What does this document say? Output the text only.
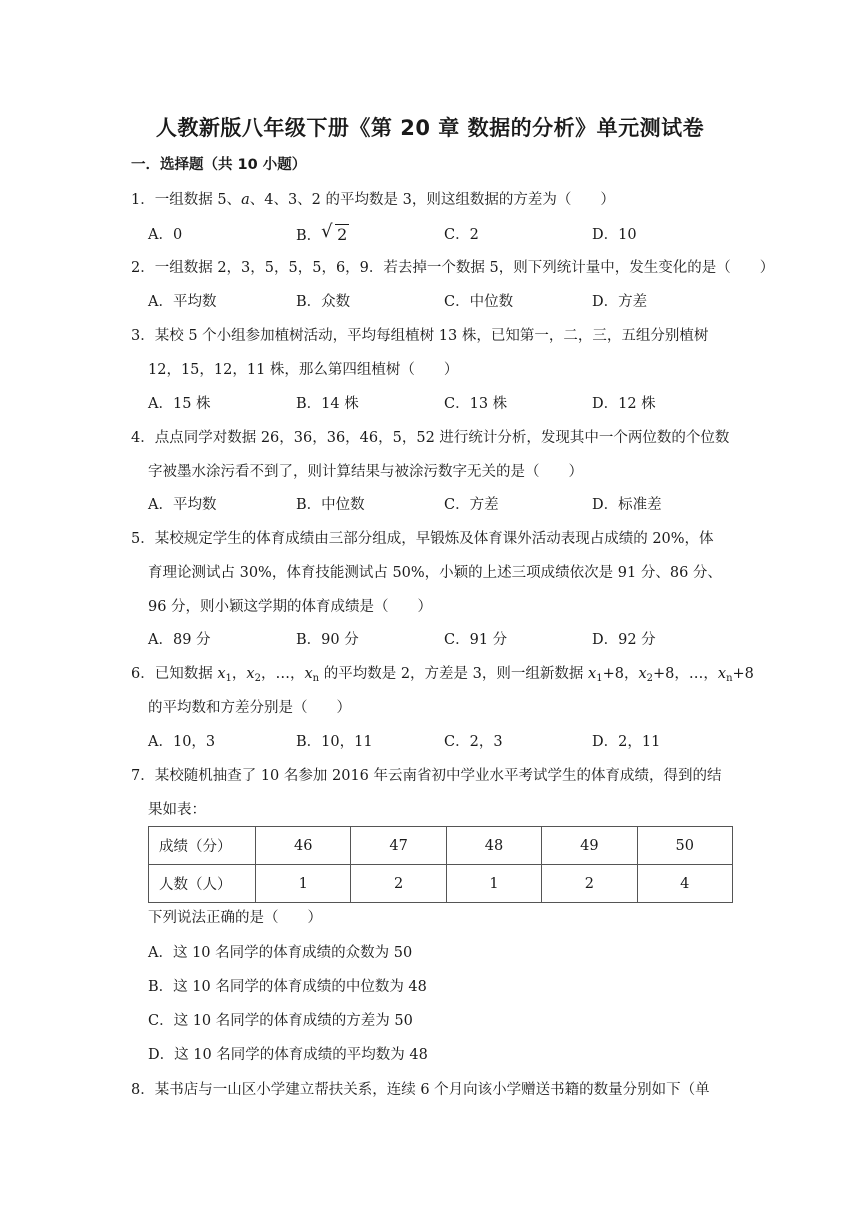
人教新版八年级下册《第 20 章 数据的分析》单元测试卷
一．选择题（共 10 小题）
1．一组数据 5、a、4、3、2 的平均数是 3，则这组数据的方差为（　　）
A．0	B． √ 2	C．2	D．10
2．一组数据 2，3，5，5，5，6，9．若去掉一个数据 5，则下列统计量中，发生变化的是（　　）
A．平均数	B．众数	C．中位数	D．方差
3．某校 5 个小组参加植树活动，平均每组植树 13 株，已知第一，二，三，五组分别植树
12，15，12，11 株，那么第四组植树（　　）
A．15 株	B．14 株	C．13 株	D．12 株
4．点点同学对数据 26，36，36，46，5，52 进行统计分析，发现其中一个两位数的个位数
字被墨水涂污看不到了，则计算结果与被涂污数字无关的是（　　）
A．平均数	B．中位数	C．方差	D．标准差
5．某校规定学生的体育成绩由三部分组成，早锻炼及体育课外活动表现占成绩的 20%，体
育理论测试占 30%，体育技能测试占 50%，小颖的上述三项成绩依次是 91 分、86 分、
96 分，则小颖这学期的体育成绩是（　　）
A．89 分	B．90 分	C．91 分	D．92 分
6．已知数据 $x_1$，$x_2$，…，$x_n$ 的平均数是 2，方差是 3，则一组新数据 $x_1+8$，$x_2+8$，…，$x_n+8$
的平均数和方差分别是（　　）
A．10，3	B．10，11	C．2，3	D．2，11
7．某校随机抽查了 10 名参加 2016 年云南省初中学业水平考试学生的体育成绩，得到的结
果如表：
成绩（分）	46	47	48	49	50
人数（人）	1	2	1	2	4
下列说法正确的是（　　）
A．这 10 名同学的体育成绩的众数为 50
B．这 10 名同学的体育成绩的中位数为 48
C．这 10 名同学的体育成绩的方差为 50
D．这 10 名同学的体育成绩的平均数为 48
8．某书店与一山区小学建立帮扶关系，连续 6 个月向该小学赠送书籍的数量分别如下（单
